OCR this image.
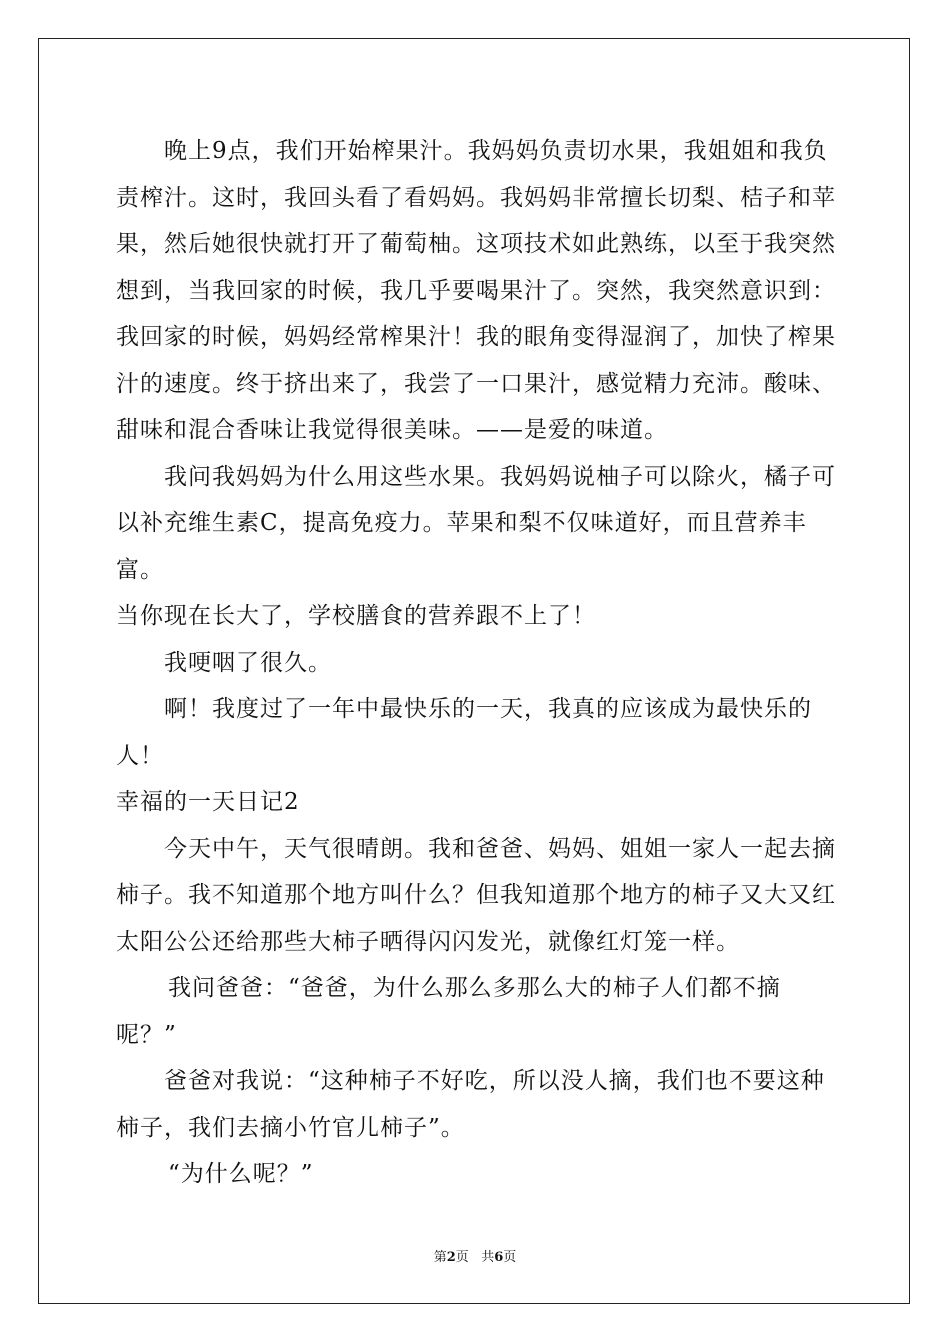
晚上9点，我们开始榨果汁。我妈妈负责切水果，我姐姐和我负
责榨汁。这时，我回头看了看妈妈。我妈妈非常擅长切梨、桔子和苹
果，然后她很快就打开了葡萄柚。这项技术如此熟练，以至于我突然
想到，当我回家的时候，我几乎要喝果汁了。突然，我突然意识到：
我回家的时候，妈妈经常榨果汁！我的眼角变得湿润了，加快了榨果
汁的速度。终于挤出来了，我尝了一口果汁，感觉精力充沛。酸味、
甜味和混合香味让我觉得很美味。——是爱的味道。

我问我妈妈为什么用这些水果。我妈妈说柚子可以除火，橘子可
以补充维生素C，提高免疫力。苹果和梨不仅味道好，而且营养丰富。
当你现在长大了，学校膳食的营养跟不上了！

我哽咽了很久。

啊！我度过了一年中最快乐的一天，我真的应该成为最快乐的人！

幸福的一天日记2

今天中午，天气很晴朗。我和爸爸、妈妈、姐姐一家人一起去摘
柿子。我不知道那个地方叫什么？但我知道那个地方的柿子又大又红
太阳公公还给那些大柿子晒得闪闪发光，就像红灯笼一样。

我问爸爸：“爸爸，为什么那么多那么大的柿子人们都不摘
呢？”

爸爸对我说：“这种柿子不好吃，所以没人摘，我们也不要这种
柿子，我们去摘小竹官儿柿子”。

“为什么呢？”

第2页 共6页
